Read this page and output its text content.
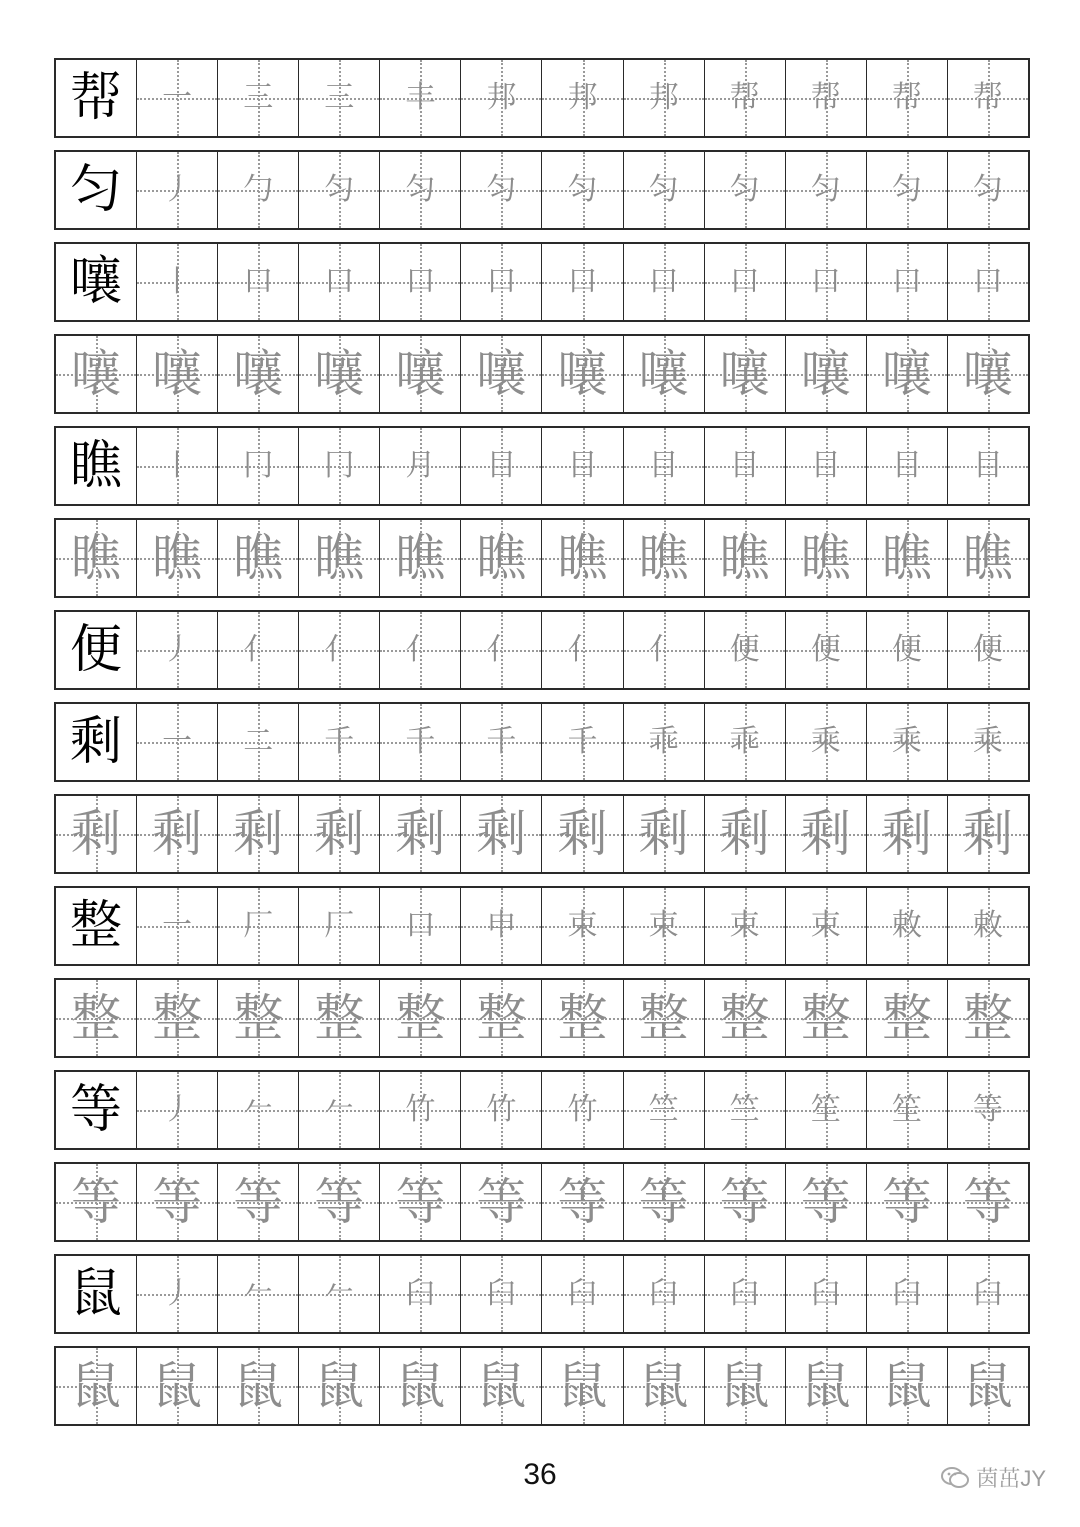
帮	一	三	三	丰	邦	邦	邦	帮	帮	帮	帮
匀	丿	勹	匀	匀	匀	匀	匀	匀	匀	匀	匀
嚷	丨	口	口	口	口	口	口	口	口	口	口
嚷 嚷 嚷 嚷 嚷 嚷 嚷 嚷 嚷 嚷 嚷 嚷
瞧	丨	冂	冂	月	目	目	目	目	目	目	目
瞧 瞧 瞧 瞧 瞧 瞧 瞧 瞧 瞧 瞧 瞧 瞧
便	丿	亻	亻	亻	亻	亻	亻	便	便	便	便
剩	一	二	千	千	千	千	乖	乖	乘	乘	乘
剩 剩 剩 剩 剩 剩 剩 剩 剩 剩 剩 剩
整	一	厂	厂	口	申	束	束	束	束	敕	敕
整 整 整 整 整 整 整 整 整 整 整 整
等	丿	𠂉	𠂉	竹	竹	竹	竺	竺	笙	笙	等
等 等 等 等 等 等 等 等 等 等 等 等
鼠	丿	𠂉	𠂉	臼	臼	臼	臼	臼	臼	臼	臼
鼠 鼠 鼠 鼠 鼠 鼠 鼠 鼠 鼠 鼠 鼠 鼠
36	茵茁JY
